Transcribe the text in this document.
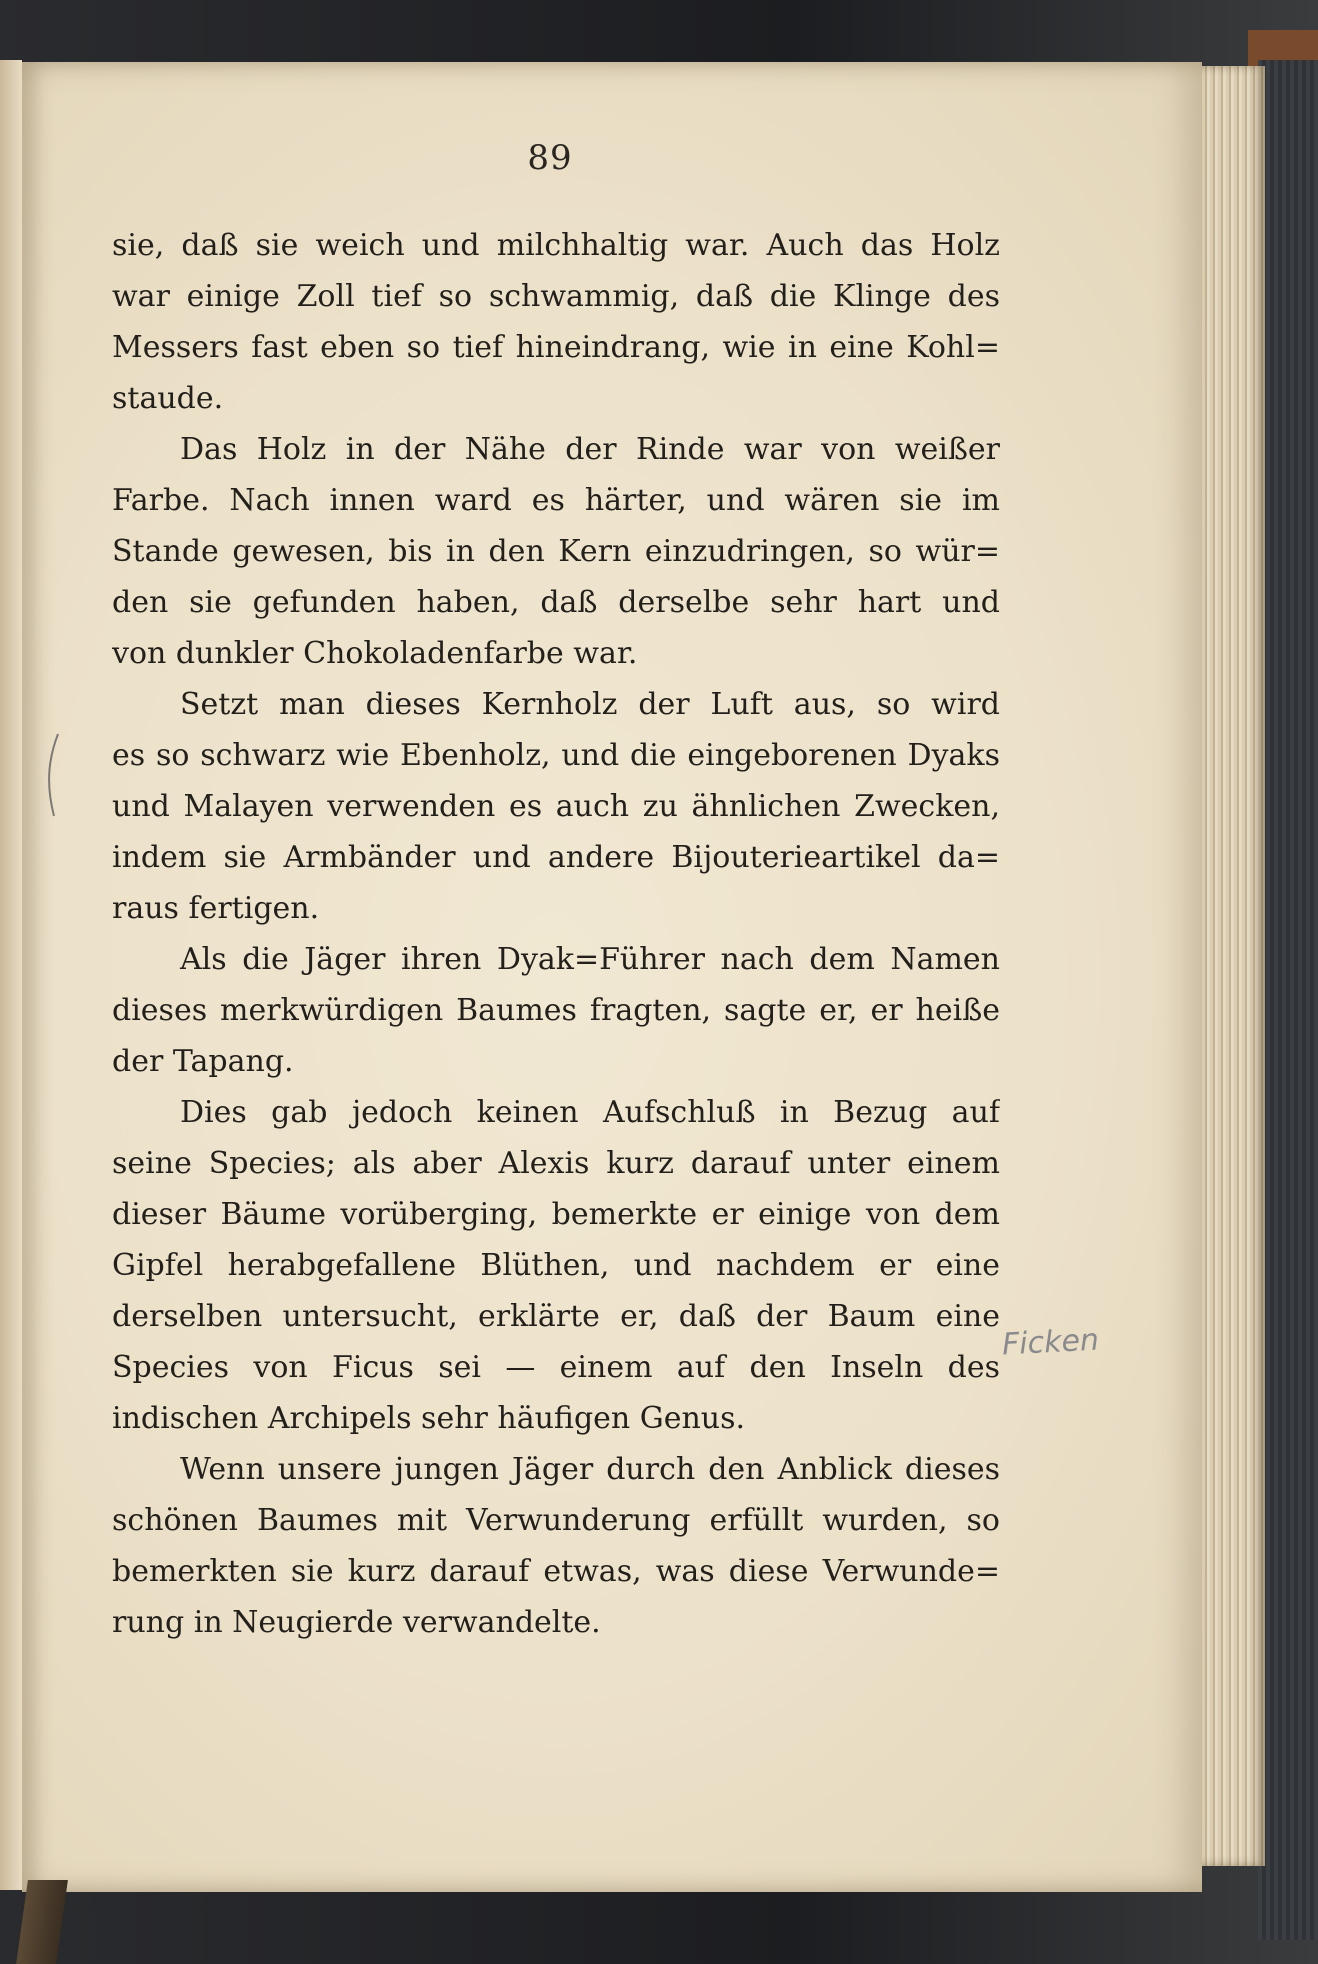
89
sie, daß sie weich und milchhaltig war. Auch das Holz
war einige Zoll tief so schwammig, daß die Klinge des
Messers fast eben so tief hineindrang, wie in eine Kohl=
staude.
Das Holz in der Nähe der Rinde war von weißer
Farbe. Nach innen ward es härter, und wären sie im
Stande gewesen, bis in den Kern einzudringen, so wür=
den sie gefunden haben, daß derselbe sehr hart und
von dunkler Chokoladenfarbe war.
Setzt man dieses Kernholz der Luft aus, so wird
es so schwarz wie Ebenholz, und die eingeborenen Dyaks
und Malayen verwenden es auch zu ähnlichen Zwecken,
indem sie Armbänder und andere Bijouterieartikel da=
raus fertigen.
Als die Jäger ihren Dyak=Führer nach dem Namen
dieses merkwürdigen Baumes fragten, sagte er, er heiße
der Tapang.
Dies gab jedoch keinen Aufschluß in Bezug auf
seine Species; als aber Alexis kurz darauf unter einem
dieser Bäume vorüberging, bemerkte er einige von dem
Gipfel herabgefallene Blüthen, und nachdem er eine
derselben untersucht, erklärte er, daß der Baum eine
Species von Ficus sei — einem auf den Inseln des
indischen Archipels sehr häufigen Genus.
Wenn unsere jungen Jäger durch den Anblick dieses
schönen Baumes mit Verwunderung erfüllt wurden, so
bemerkten sie kurz darauf etwas, was diese Verwunde=
rung in Neugierde verwandelte.
Ficken
